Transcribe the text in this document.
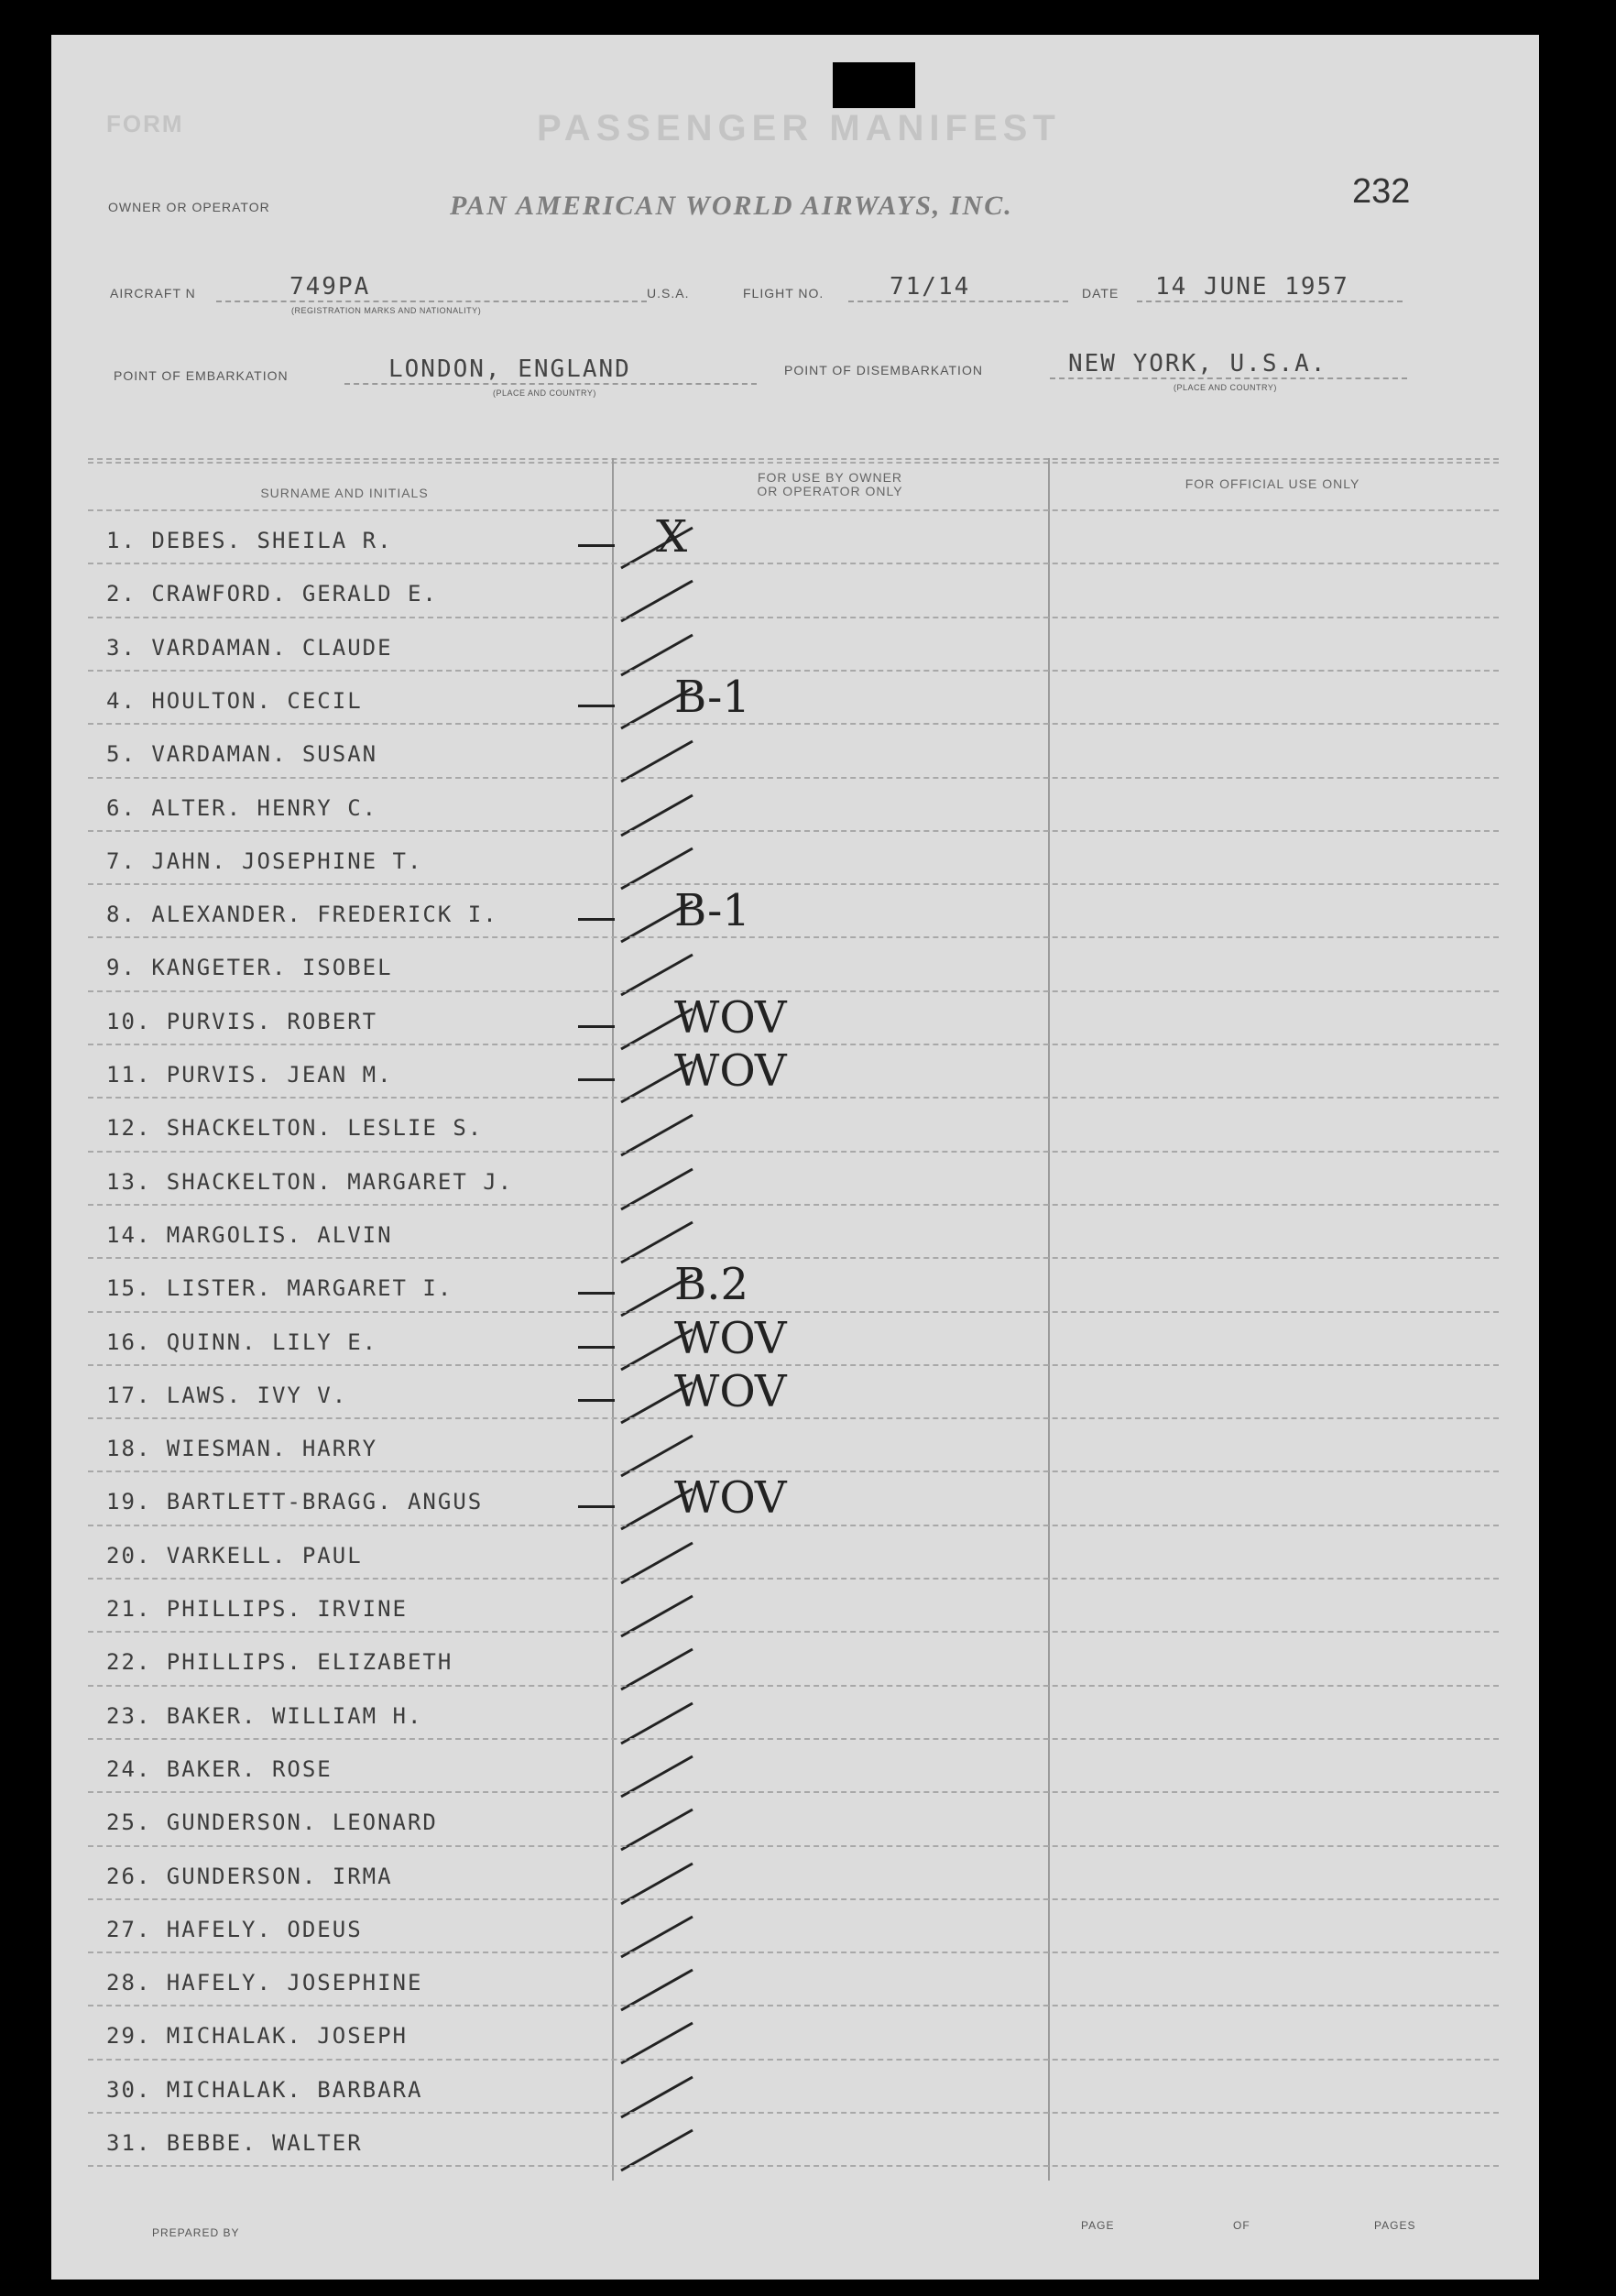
FORM	PASSENGER MANIFEST
232
OWNER OR OPERATOR	PAN AMERICAN WORLD AIRWAYS, INC.
AIRCRAFT N	749PA
(REGISTRATION MARKS AND NATIONALITY)
U.S.A.	FLIGHT NO.	71/14	DATE 14 JUNE 1957
POINT OF EMBARKATION	LONDON, ENGLAND
(PLACE AND COUNTRY)
POINT OF DISEMBARKATION	NEW YORK, U.S.A.
(PLACE AND COUNTRY)
SURNAME AND INITIALS
FOR USE BY OWNER
OR OPERATOR ONLY	FOR OFFICIAL USE ONLY
1. DEBES. SHEILA R.	X
2. CRAWFORD. GERALD E.
3. VARDAMAN. CLAUDE
4. HOULTON. CECIL	B-1
5. VARDAMAN. SUSAN
6. ALTER. HENRY C.
7. JAHN. JOSEPHINE T.
8. ALEXANDER. FREDERICK I.	B-1
9. KANGETER. ISOBEL
10. PURVIS. ROBERT	WOV
11. PURVIS. JEAN M.	WOV
12. SHACKELTON. LESLIE S.
13. SHACKELTON. MARGARET J.
14. MARGOLIS. ALVIN
15. LISTER. MARGARET I.	B.2
16. QUINN. LILY E.	WOV
17. LAWS. IVY V.	WOV
18. WIESMAN. HARRY
19. BARTLETT-BRAGG. ANGUS	WOV
20. VARKELL. PAUL
21. PHILLIPS. IRVINE
22. PHILLIPS. ELIZABETH
23. BAKER. WILLIAM H.
24. BAKER. ROSE
25. GUNDERSON. LEONARD
26. GUNDERSON. IRMA
27. HAFELY. ODEUS
28. HAFELY. JOSEPHINE
29. MICHALAK. JOSEPH
30. MICHALAK. BARBARA
31. BEBBE. WALTER
PREPARED BY
PAGE	OF	PAGES
